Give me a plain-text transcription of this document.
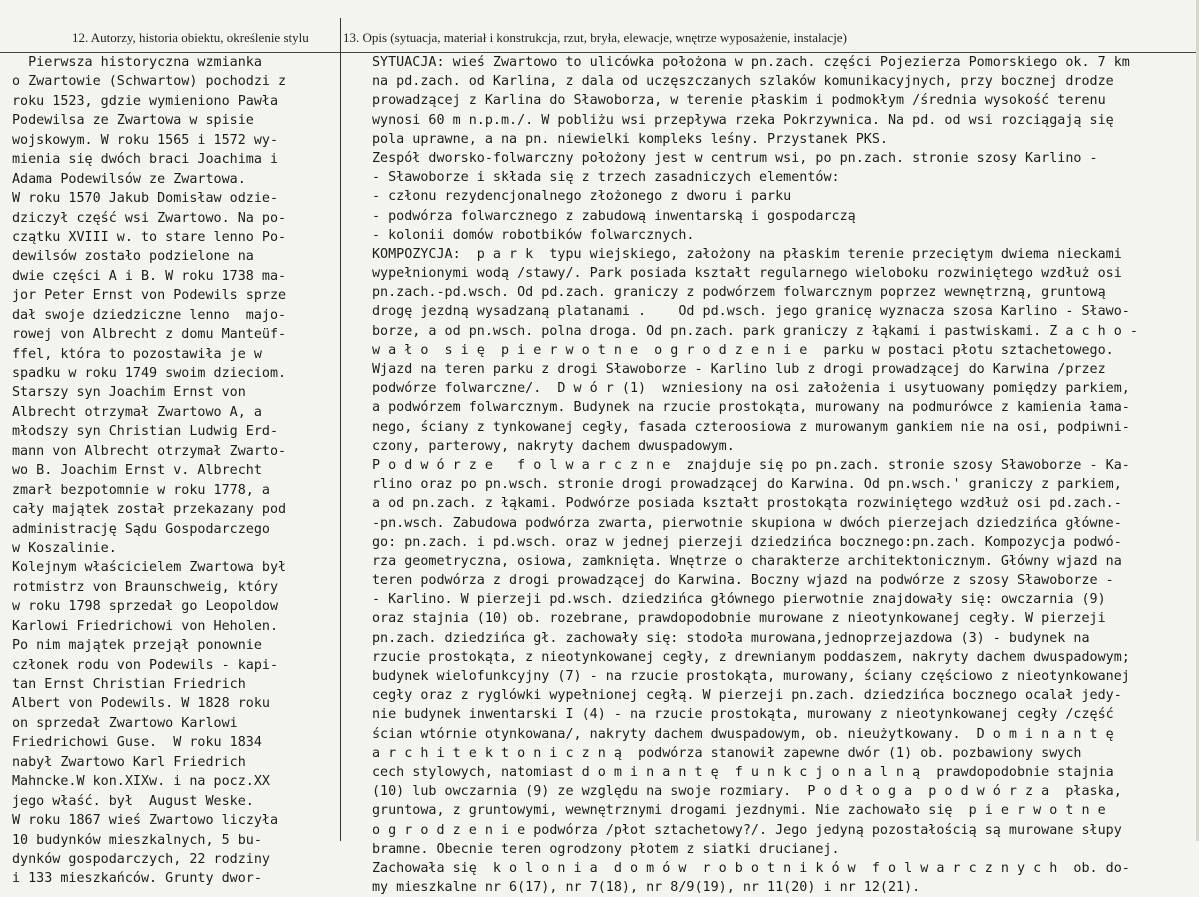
12. Autorzy, historia obiektu, określenie stylu	13. Opis (sytuacja, materiał i konstrukcja, rzut, bryła, elewacje, wnętrze wyposażenie, instalacje)
Pierwsza historyczna wzmianka
o Zwartowie (Schwartow) pochodzi z
roku 1523, gdzie wymieniono Pawła
Podewilsa ze Zwartowa w spisie
wojskowym. W roku 1565 i 1572 wy-
mienia się dwóch braci Joachima i
Adama Podewilsów ze Zwartowa.
W roku 1570 Jakub Domisław odzie-
dziczył część wsi Zwartowo. Na po-
czątku XVIII w. to stare lenno Po-
dewilsów zostało podzielone na
dwie części A i B. W roku 1738 ma-
jor Peter Ernst von Podewils sprze
dał swoje dziedziczne lenno  majo-
rowej von Albrecht z domu Manteüf-
ffel, która to pozostawiła je w
spadku w roku 1749 swoim dzieciom.
Starszy syn Joachim Ernst von
Albrecht otrzymał Zwartowo A, a
młodszy syn Christian Ludwig Erd-
mann von Albrecht otrzymał Zwarto-
wo B. Joachim Ernst v. Albrecht
zmarł bezpotomnie w roku 1778, a
cały majątek został przekazany pod
administrację Sądu Gospodarczego
w Koszalinie.
Kolejnym właścicielem Zwartowa był
rotmistrz von Braunschweig, który
w roku 1798 sprzedał go Leopoldow
Karlowi Friedrichowi von Heholen.
Po nim majątek przejął ponownie
członek rodu von Podewils - kapi-
tan Ernst Christian Friedrich
Albert von Podewils. W 1828 roku
on sprzedał Zwartowo Karlowi
Friedrichowi Guse.  W roku 1834
nabył Zwartowo Karl Friedrich
Mahncke.W kon.XIXw. i na pocz.XX
jego właść. był  August Weske.
W roku 1867 wieś Zwartowo liczyła
10 budynków mieszkalnych, 5 bu-
dynków gospodarczych, 22 rodziny
i 133 mieszkańców. Grunty dwor-
SYTUACJA: wieś Zwartowo to ulicówka położona w pn.zach. części Pojezierza Pomorskiego ok. 7 km
na pd.zach. od Karlina, z dala od uczęszczanych szlaków komunikacyjnych, przy bocznej drodze
prowadzącej z Karlina do Sławoborza, w terenie płaskim i podmokłym /średnia wysokość terenu
wynosi 60 m n.p.m./. W pobliżu wsi przepływa rzeka Pokrzywnica. Na pd. od wsi rozciągają się
pola uprawne, a na pn. niewielki kompleks leśny. Przystanek PKS.
Zespół dworsko-folwarczny położony jest w centrum wsi, po pn.zach. stronie szosy Karlino -
- Sławoborze i składa się z trzech zasadniczych elementów:
- członu rezydencjonalnego złożonego z dworu i parku
- podwórza folwarcznego z zabudową inwentarską i gospodarczą
- kolonii domów robotbików folwarcznych.
KOMPOZYCJA:  p a r k  typu wiejskiego, założony na płaskim terenie przeciętym dwiema nieckami
wypełnionymi wodą /stawy/. Park posiada kształt regularnego wieloboku rozwiniętego wzdłuż osi
pn.zach.-pd.wsch. Od pd.zach. graniczy z podwórzem folwarcznym poprzez wewnętrzną, gruntową
drogę jezdną wysadzaną platanami .    Od pd.wsch. jego granicę wyznacza szosa Karlino - Sławo-
borze, a od pn.wsch. polna droga. Od pn.zach. park graniczy z łąkami i pastwiskami. Z a c h o -
w a ł o  s i ę  p i e r w o t n e  o g r o d z e n i e  parku w postaci płotu sztachetowego.
Wjazd na teren parku z drogi Sławoborze - Karlino lub z drogi prowadzącej do Karwina /przez
podwórze folwarczne/.  D w ó r (1)  wzniesiony na osi założenia i usytuowany pomiędzy parkiem,
a podwórzem folwarcznym. Budynek na rzucie prostokąta, murowany na podmurówce z kamienia łama-
nego, ściany z tynkowanej cegły, fasada czteroosiowa z murowanym gankiem nie na osi, podpiwni-
czony, parterowy, nakryty dachem dwuspadowym.
P o d w ó r z e   f o l w a r c z n e  znajduje się po pn.zach. stronie szosy Sławoborze - Ka-
rlino oraz po pn.wsch. stronie drogi prowadzącej do Karwina. Od pn.wsch.' graniczy z parkiem,
a od pn.zach. z łąkami. Podwórze posiada kształt prostokąta rozwiniętego wzdłuż osi pd.zach.-
-pn.wsch. Zabudowa podwórza zwarta, pierwotnie skupiona w dwóch pierzejach dziedzińca główne-
go: pn.zach. i pd.wsch. oraz w jednej pierzeji dziedzińca bocznego:pn.zach. Kompozycja podwó-
rza geometryczna, osiowa, zamknięta. Wnętrze o charakterze architektonicznym. Główny wjazd na
teren podwórza z drogi prowadzącej do Karwina. Boczny wjazd na podwórze z szosy Sławoborze -
- Karlino. W pierzeji pd.wsch. dziedzińca głównego pierwotnie znajdowały się: owczarnia (9)
oraz stajnia (10) ob. rozebrane, prawdopodobnie murowane z nieotynkowanej cegły. W pierzeji
pn.zach. dziedzińca gł. zachowały się: stodoła murowana,jednoprzejazdowa (3) - budynek na
rzucie prostokąta, z nieotynkowanej cegły, z drewnianym poddaszem, nakryty dachem dwuspadowym;
budynek wielofunkcyjny (7) - na rzucie prostokąta, murowany, ściany częściowo z nieotynkowanej
cegły oraz z ryglówki wypełnionej cegłą. W pierzeji pn.zach. dziedzińca bocznego ocalał jedy-
nie budynek inwentarski I (4) - na rzucie prostokąta, murowany z nieotynkowanej cegły /część
ścian wtórnie otynkowana/, nakryty dachem dwuspadowym, ob. nieużytkowany.  D o m i n a n t ę
a r c h i t e k t o n i c z n ą  podwórza stanowił zapewne dwór (1) ob. pozbawiony swych
cech stylowych, natomiast d o m i n a n t ę  f u n k c j o n a l n ą  prawdopodobnie stajnia
(10) lub owczarnia (9) ze względu na swoje rozmiary.  P o d ł o g a  p o d w ó r z a  płaska,
gruntowa, z gruntowymi, wewnętrznymi drogami jezdnymi. Nie zachowało się  p i e r w o t n e
o g r o d z e n i e podwórza /płot sztachetowy?/. Jego jedyną pozostałością są murowane słupy
bramne. Obecnie teren ogrodzony płotem z siatki drucianej.
Zachowała się  k o l o n i a  d o m ó w  r o b o t n i k ó w  f o l w a r c z n y c h  ob. do-
my mieszkalne nr 6(17), nr 7(18), nr 8/9(19), nr 11(20) i nr 12(21).
